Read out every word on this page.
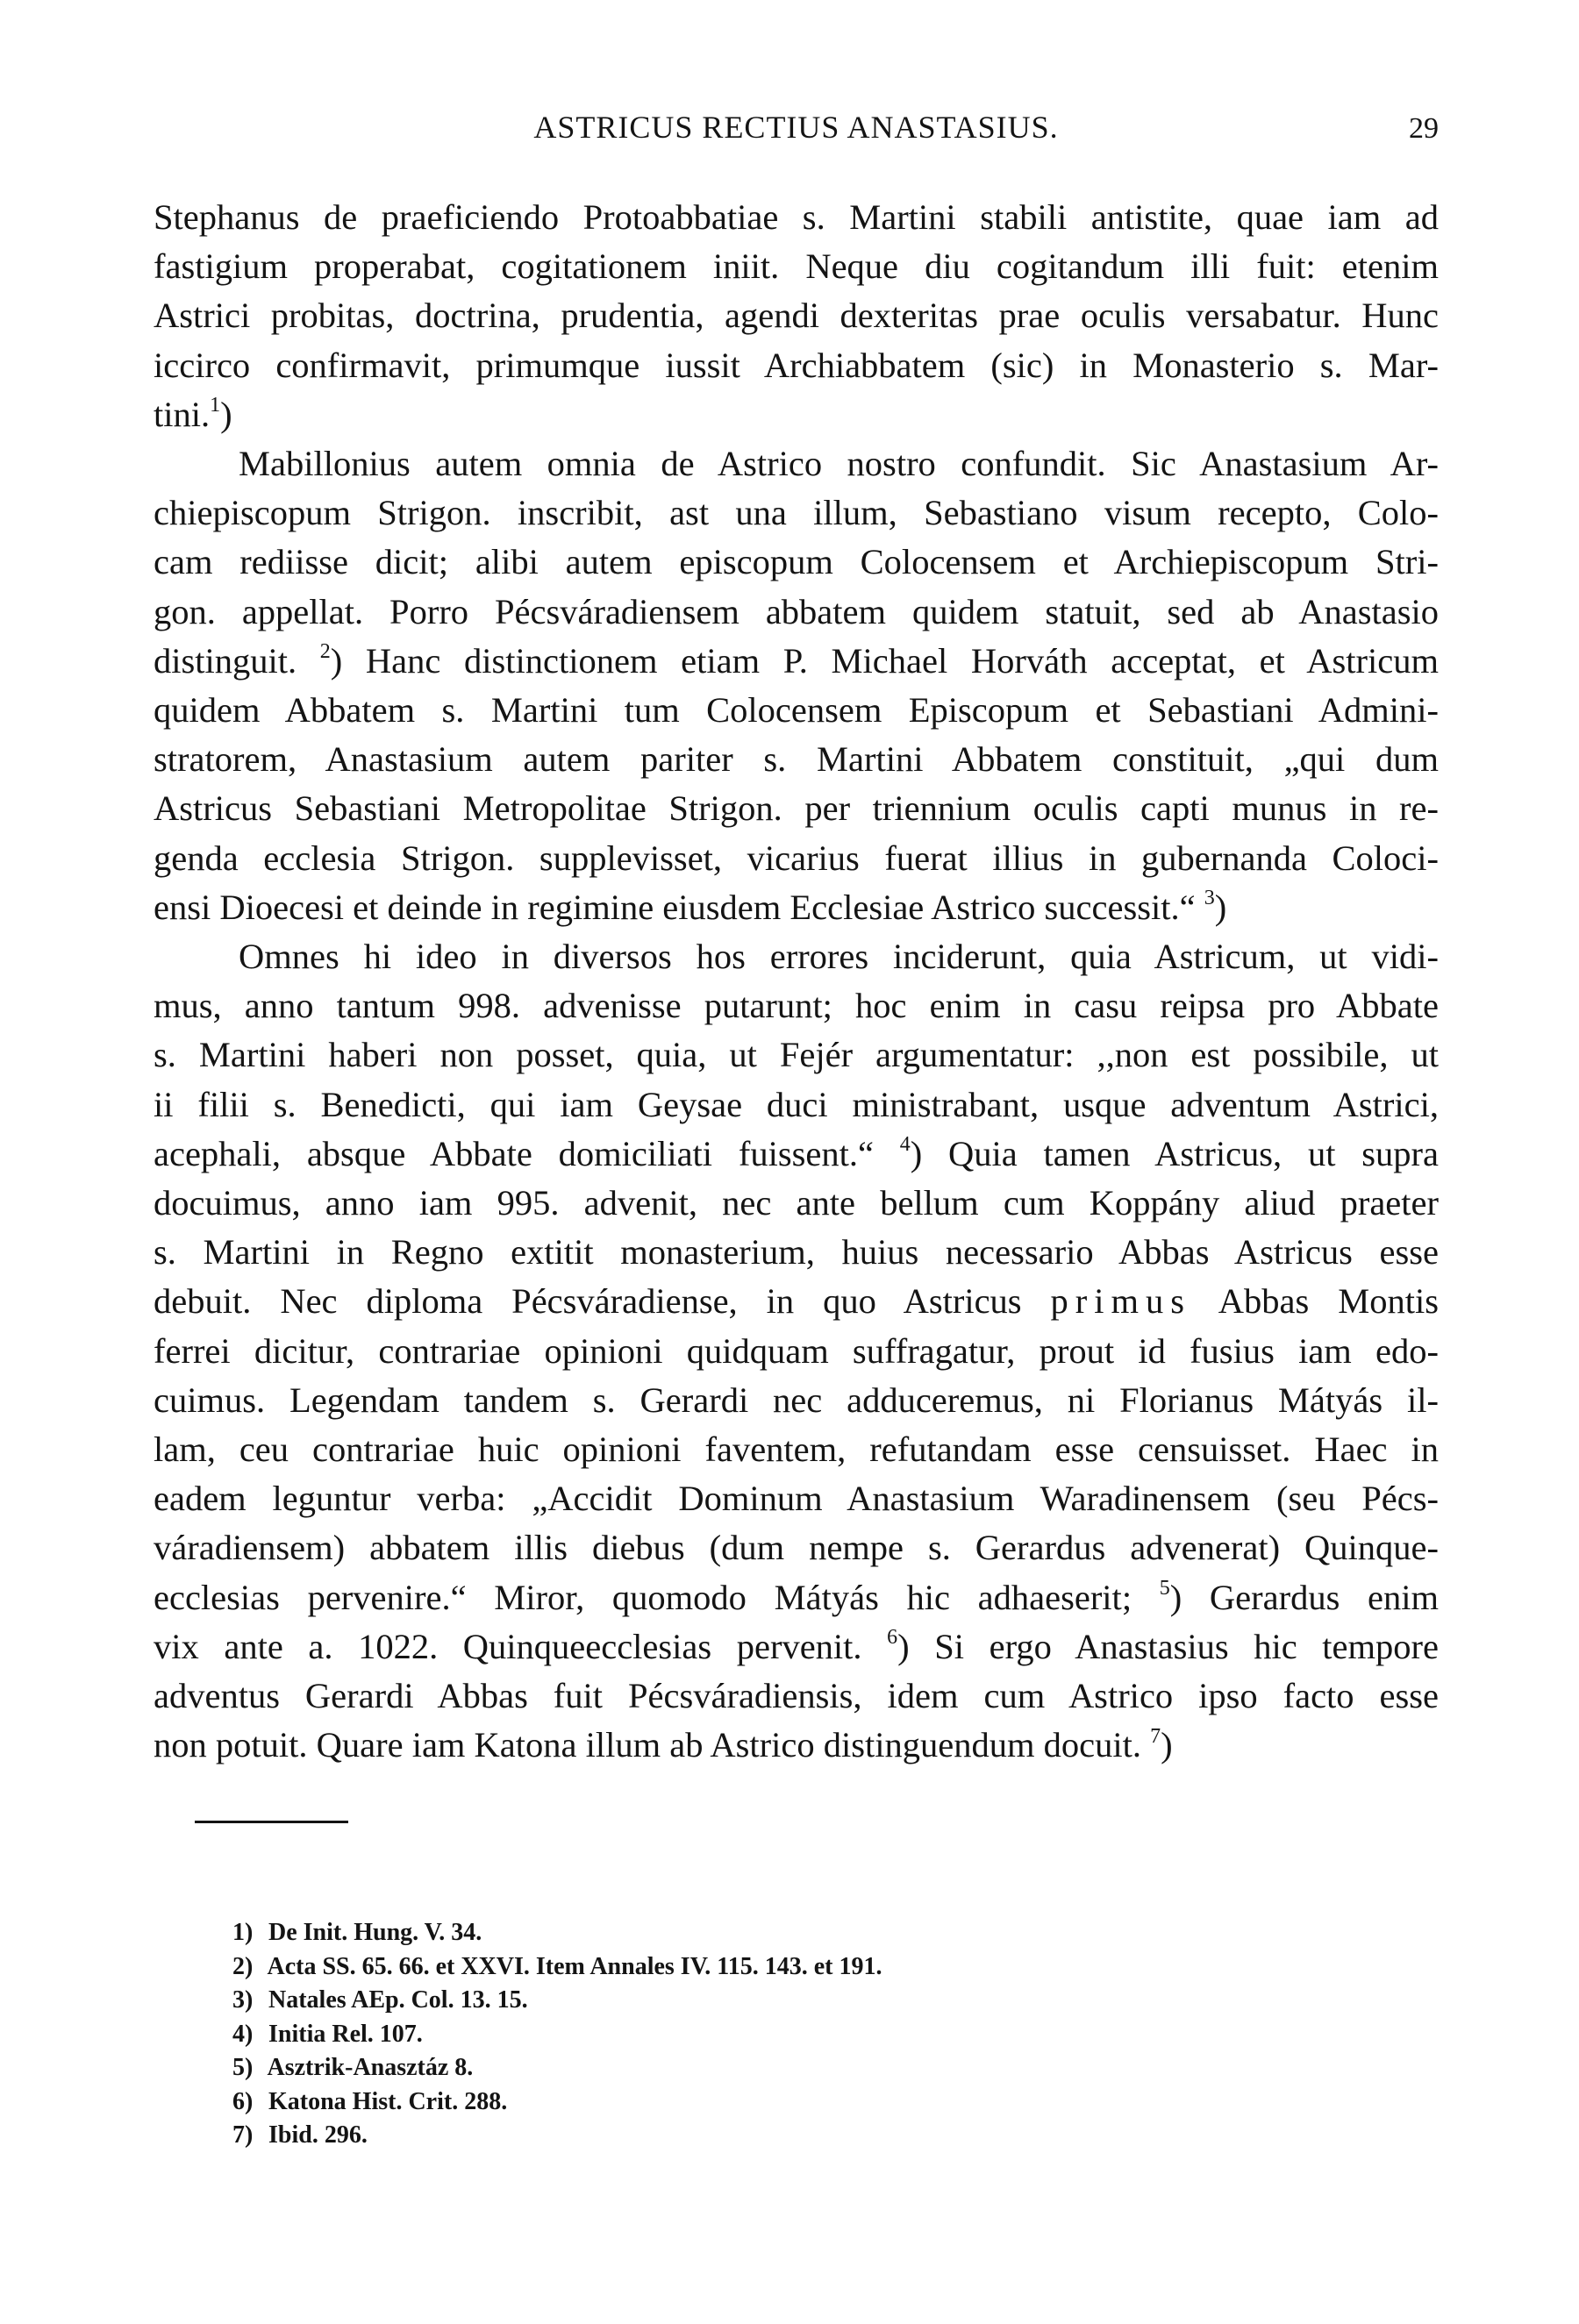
ASTRICUS RECTIUS ANASTASIUS.	29
Stephanus de praeficiendo Protoabbatiae s. Martini stabili antistite, quae iam ad
fastigium properabat, cogitationem iniit. Neque diu cogitandum illi fuit: etenim
Astrici probitas, doctrina, prudentia, agendi dexteritas prae oculis versabatur. Hunc
iccirco confirmavit, primumque iussit Archiabbatem (sic) in Monasterio s. Mar-
tini.$^1$)
Mabillonius autem omnia de Astrico nostro confundit. Sic Anastasium Ar-
chiepiscopum Strigon. inscribit, ast una illum, Sebastiano visum recepto, Colo-
cam rediisse dicit; alibi autem episcopum Colocensem et Archiepiscopum Stri-
gon. appellat. Porro Pécsváradiensem abbatem quidem statuit, sed ab Anastasio
distinguit. $^2$) Hanc distinctionem etiam P. Michael Horváth acceptat, et Astricum
quidem Abbatem s. Martini tum Colocensem Episcopum et Sebastiani Admini-
stratorem, Anastasium autem pariter s. Martini Abbatem constituit, „qui dum
Astricus Sebastiani Metropolitae Strigon. per triennium oculis capti munus in re-
genda ecclesia Strigon. supplevisset, vicarius fuerat illius in gubernanda Coloci-
ensi Dioecesi et deinde in regimine eiusdem Ecclesiae Astrico successit.“ $^3$)
Omnes hi ideo in diversos hos errores inciderunt, quia Astricum, ut vidi-
mus, anno tantum 998. advenisse putarunt; hoc enim in casu reipsa pro Abbate
s. Martini haberi non posset, quia, ut Fejér argumentatur: ,,non est possibile, ut
ii filii s. Benedicti, qui iam Geysae duci ministrabant, usque adventum Astrici,
acephali, absque Abbate domiciliati fuissent.“ $^4$) Quia tamen Astricus, ut supra
docuimus, anno iam 995. advenit, nec ante bellum cum Koppány aliud praeter
s. Martini in Regno extitit monasterium, huius necessario Abbas Astricus esse
debuit. Nec diploma Pécsváradiense, in quo Astricus primus Abbas Montis
ferrei dicitur, contrariae opinioni quidquam suffragatur, prout id fusius iam edo-
cuimus. Legendam tandem s. Gerardi nec adduceremus, ni Florianus Mátyás il-
lam, ceu contrariae huic opinioni faventem, refutandam esse censuisset. Haec in
eadem leguntur verba: „Accidit Dominum Anastasium Waradinensem (seu Pécs-
váradiensem) abbatem illis diebus (dum nempe s. Gerardus advenerat) Quinque-
ecclesias pervenire.“ Miror, quomodo Mátyás hic adhaeserit; $^5$) Gerardus enim
vix ante a. 1022. Quinqueecclesias pervenit. $^6$) Si ergo Anastasius hic tempore
adventus Gerardi Abbas fuit Pécsváradiensis, idem cum Astrico ipso facto esse
non potuit. Quare iam Katona illum ab Astrico distinguendum docuit. $^7$)
1) De Init. Hung. V. 34.
2) Acta SS. 65. 66. et XXVI. Item Annales IV. 115. 143. et 191.
3) Natales AEp. Col. 13. 15.
4) Initia Rel. 107.
5) Asztrik-Anasztáz 8.
6) Katona Hist. Crit. 288.
7) Ibid. 296.
